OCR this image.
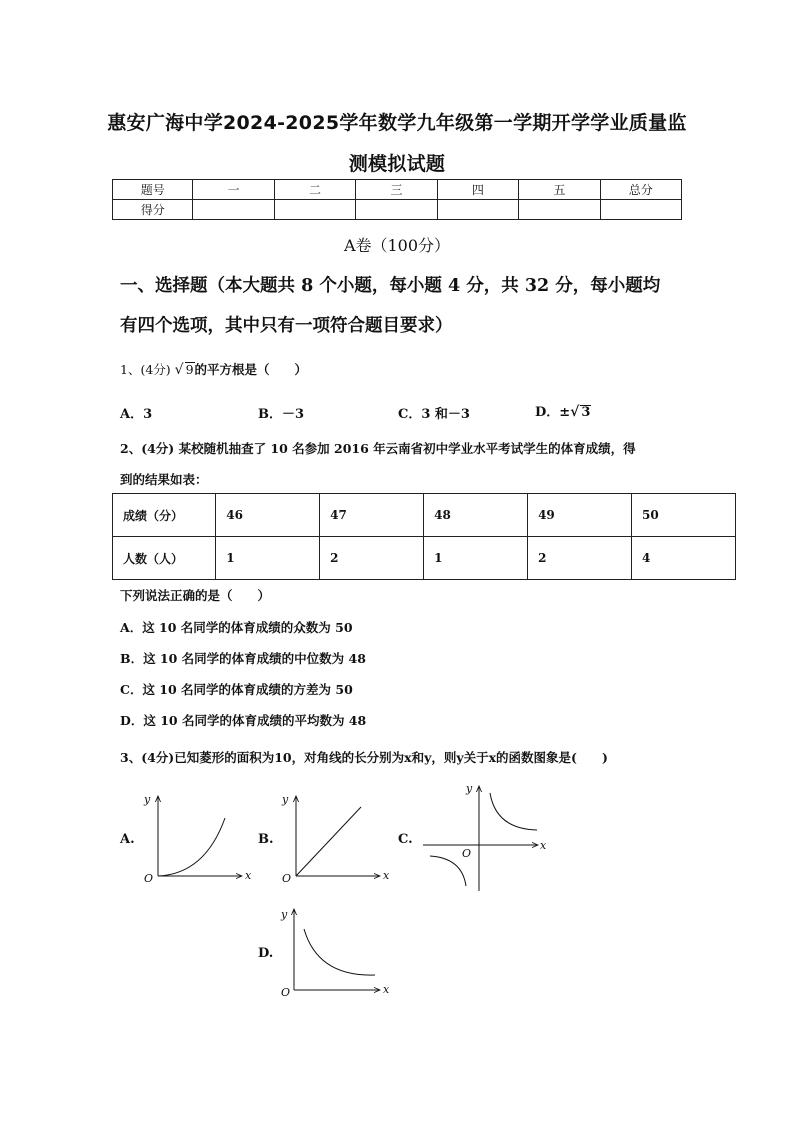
惠安广海中学2024-2025学年数学九年级第一学期开学学业质量监
测模拟试题
题号	一	二	三	四	五	总分
得分						
A卷（100分）
一、选择题（本大题共 8 个小题，每小题 4 分，共 32 分，每小题均
有四个选项，其中只有一项符合题目要求）
1、(4分) √ 9的平方根是（　　）
A．3	B．－3	C．3 和－3	D．±√ 3
2、(4分) 某校随机抽查了 10 名参加 2016 年云南省初中学业水平考试学生的体育成绩，得
到的结果如表：
成绩（分）	46	47	48	49	50
人数（人）	1	2	1	2	4
下列说法正确的是（　　）
A．这 10 名同学的体育成绩的众数为 50
B．这 10 名同学的体育成绩的中位数为 48
C．这 10 名同学的体育成绩的方差为 50
D．这 10 名同学的体育成绩的平均数为 48
3、(4分)已知菱形的面积为10，对角线的长分别为x和y，则y关于x的函数图象是(　　)
A.	B.	C.
D.
y
x
O
y
x
O
y
x
O
y
x
O
